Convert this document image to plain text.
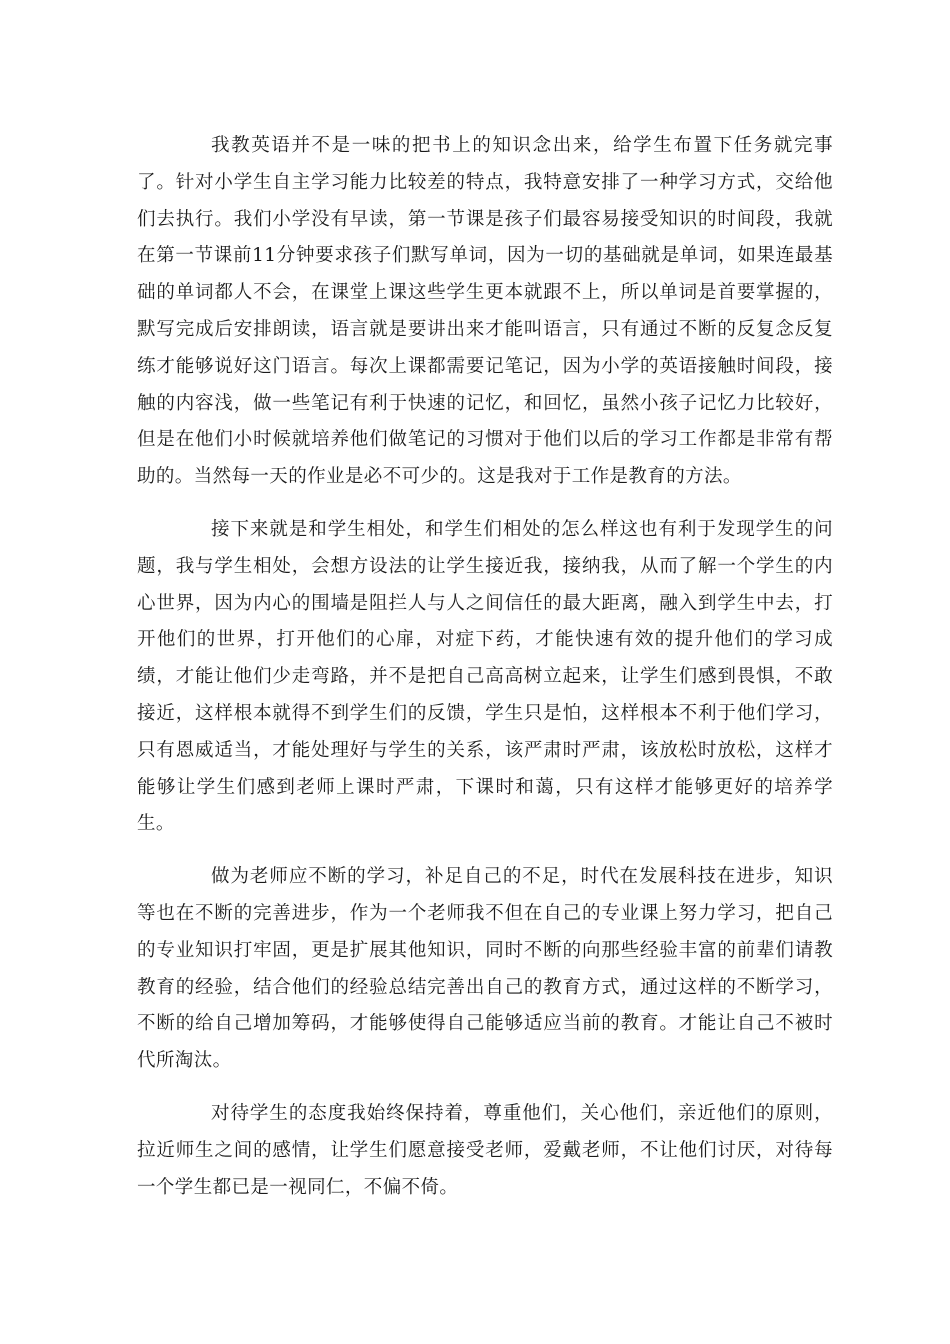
我教英语并不是一味的把书上的知识念出来，给学生布置下任务就完事了。针对小学生自主学习能力比较差的特点，我特意安排了一种学习方式，交给他们去执行。我们小学没有早读，第一节课是孩子们最容易接受知识的时间段，我就在第一节课前11分钟要求孩子们默写单词，因为一切的基础就是单词，如果连最基础的单词都人不会，在课堂上课这些学生更本就跟不上，所以单词是首要掌握的，默写完成后安排朗读，语言就是要讲出来才能叫语言，只有通过不断的反复念反复练才能够说好这门语言。每次上课都需要记笔记，因为小学的英语接触时间段，接触的内容浅，做一些笔记有利于快速的记忆，和回忆，虽然小孩子记忆力比较好，但是在他们小时候就培养他们做笔记的习惯对于他们以后的学习工作都是非常有帮助的。当然每一天的作业是必不可少的。这是我对于工作是教育的方法。

接下来就是和学生相处，和学生们相处的怎么样这也有利于发现学生的问题，我与学生相处，会想方设法的让学生接近我，接纳我，从而了解一个学生的内心世界，因为内心的围墙是阻拦人与人之间信任的最大距离，融入到学生中去，打开他们的世界，打开他们的心扉，对症下药，才能快速有效的提升他们的学习成绩，才能让他们少走弯路，并不是把自己高高树立起来，让学生们感到畏惧，不敢接近，这样根本就得不到学生们的反馈，学生只是怕，这样根本不利于他们学习，只有恩威适当，才能处理好与学生的关系，该严肃时严肃，该放松时放松，这样才能够让学生们感到老师上课时严肃，下课时和蔼，只有这样才能够更好的培养学生。

做为老师应不断的学习，补足自己的不足，时代在发展科技在进步，知识等也在不断的完善进步，作为一个老师我不但在自己的专业课上努力学习，把自己的专业知识打牢固，更是扩展其他知识，同时不断的向那些经验丰富的前辈们请教教育的经验，结合他们的经验总结完善出自己的教育方式，通过这样的不断学习，不断的给自己增加筹码，才能够使得自己能够适应当前的教育。才能让自己不被时代所淘汰。

对待学生的态度我始终保持着，尊重他们，关心他们，亲近他们的原则，拉近师生之间的感情，让学生们愿意接受老师，爱戴老师，不让他们讨厌，对待每一个学生都已是一视同仁，不偏不倚。
